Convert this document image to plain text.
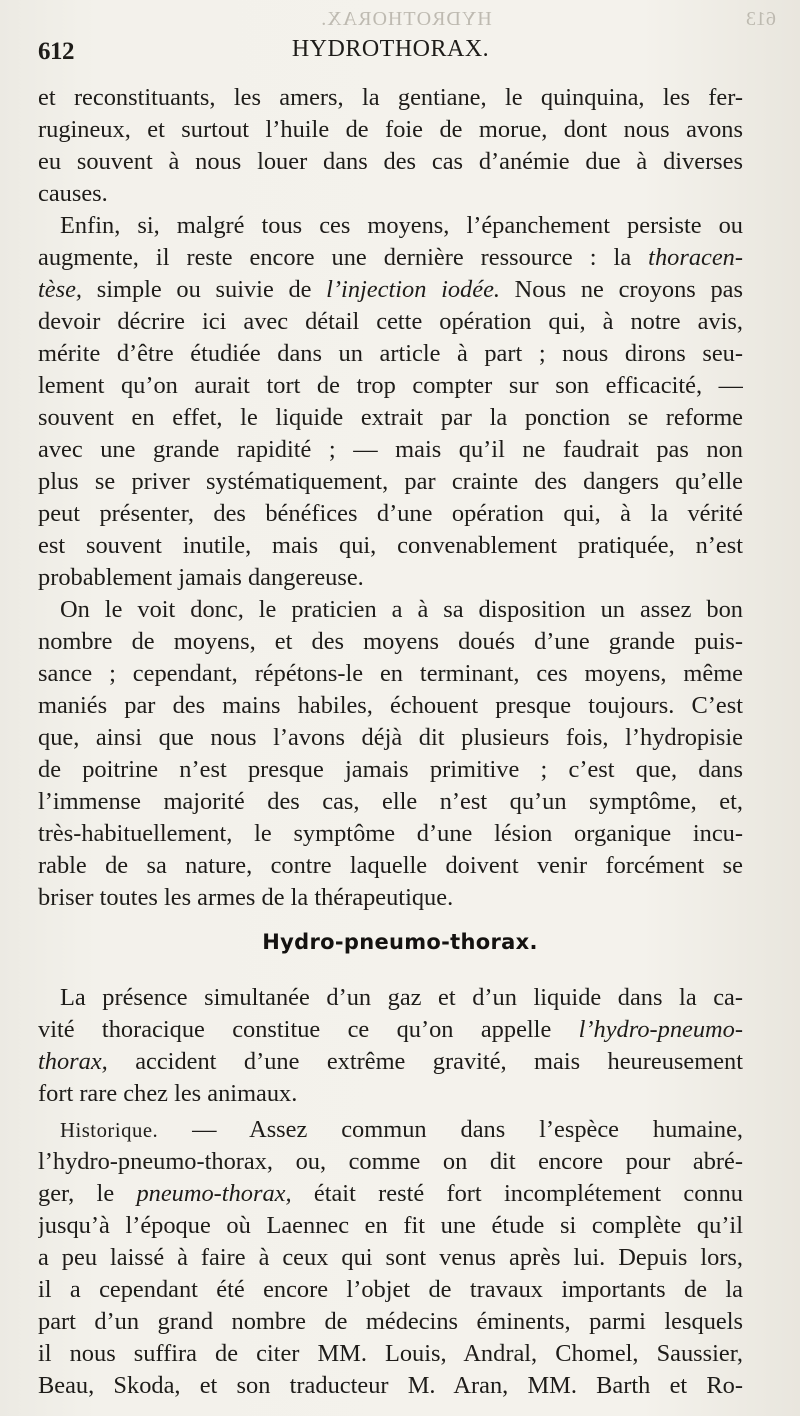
613
HYDROTHORAX.
612	HYDROTHORAX.
et reconstituants, les amers, la gentiane, le quinquina, les fer-
rugineux, et surtout l’huile de foie de morue, dont nous avons
eu souvent à nous louer dans des cas d’anémie due à diverses
causes.
Enfin, si, malgré tous ces moyens, l’épanchement persiste ou
augmente, il reste encore une dernière ressource : la thoracen-
tèse, simple ou suivie de l’injection iodée. Nous ne croyons pas
devoir décrire ici avec détail cette opération qui, à notre avis,
mérite d’être étudiée dans un article à part ; nous dirons seu-
lement qu’on aurait tort de trop compter sur son efficacité, —
souvent en effet, le liquide extrait par la ponction se reforme
avec une grande rapidité ; — mais qu’il ne faudrait pas non
plus se priver systématiquement, par crainte des dangers qu’elle
peut présenter, des bénéfices d’une opération qui, à la vérité
est souvent inutile, mais qui, convenablement pratiquée, n’est
probablement jamais dangereuse.
On le voit donc, le praticien a à sa disposition un assez bon
nombre de moyens, et des moyens doués d’une grande puis-
sance ; cependant, répétons-le en terminant, ces moyens, même
maniés par des mains habiles, échouent presque toujours. C’est
que, ainsi que nous l’avons déjà dit plusieurs fois, l’hydropisie
de poitrine n’est presque jamais primitive ; c’est que, dans
l’immense majorité des cas, elle n’est qu’un symptôme, et,
très-habituellement, le symptôme d’une lésion organique incu-
rable de sa nature, contre laquelle doivent venir forcément se
briser toutes les armes de la thérapeutique.
Hydro-pneumo-thorax.
La présence simultanée d’un gaz et d’un liquide dans la ca-
vité thoracique constitue ce qu’on appelle l’hydro-pneumo-
thorax, accident d’une extrême gravité, mais heureusement
fort rare chez les animaux.
Historique. — Assez commun dans l’espèce humaine,
l’hydro-pneumo-thorax, ou, comme on dit encore pour abré-
ger, le pneumo-thorax, était resté fort incomplétement connu
jusqu’à l’époque où Laennec en fit une étude si complète qu’il
a peu laissé à faire à ceux qui sont venus après lui. Depuis lors,
il a cependant été encore l’objet de travaux importants de la
part d’un grand nombre de médecins éminents, parmi lesquels
il nous suffira de citer MM. Louis, Andral, Chomel, Saussier,
Beau, Skoda, et son traducteur M. Aran, MM. Barth et Ro-
